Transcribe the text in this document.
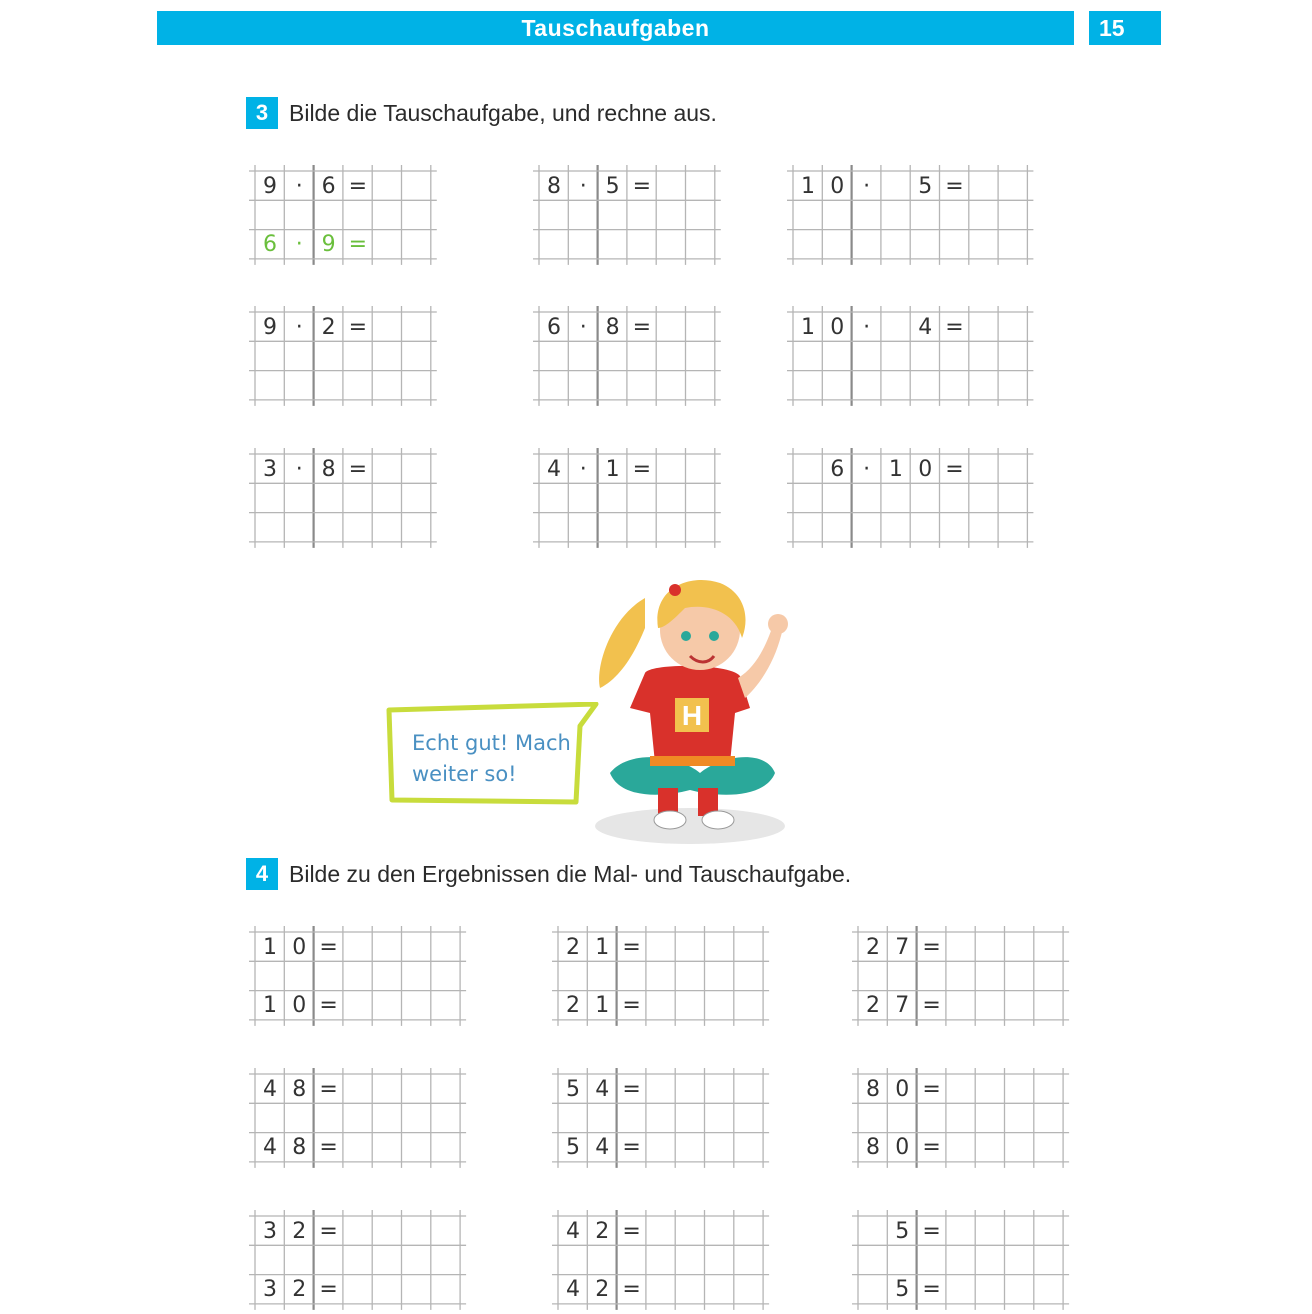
Tauschaufgaben	15
3 Bilde die Tauschaufgabe, und rechne aus.
9 · 6 =
6 · 9 =
8 · 5 =	1 0 ·	5 =
9 · 2 =	6 · 8 =	1 0 ·	4 =
3 · 8 =	4 · 1 =	6 · 1 0 =
Echt gut! Mach
weiter so!
H
4 Bilde zu den Ergebnissen die Mal- und Tauschaufgabe.
1 0 =
1 0 =
2 1 =
2 1 =
2 7 =
2 7 =
4 8 =
4 8 =
5 4 =
5 4 =
8 0 =
8 0 =
3 2 =
3 2 =
4 2 =
4 2 =
5 =
5 =
